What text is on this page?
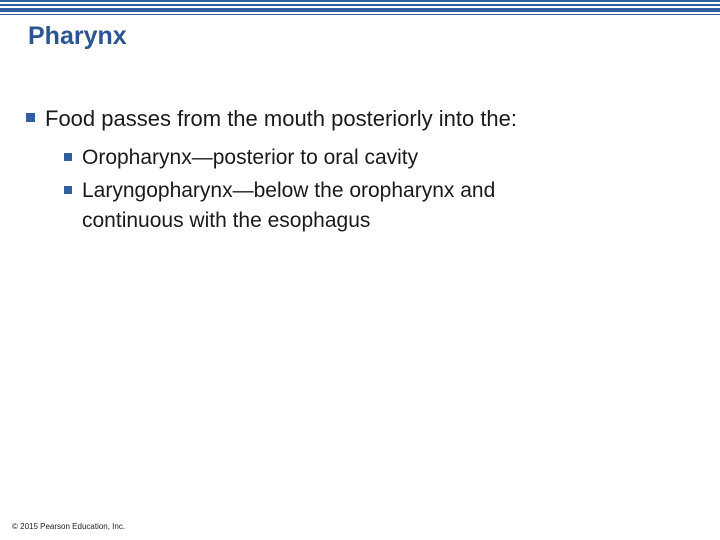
Pharynx
Food passes from the mouth posteriorly into the:
Oropharynx—posterior to oral cavity
Laryngopharynx—below the oropharynx and continuous with the esophagus
© 2015 Pearson Education, Inc.
